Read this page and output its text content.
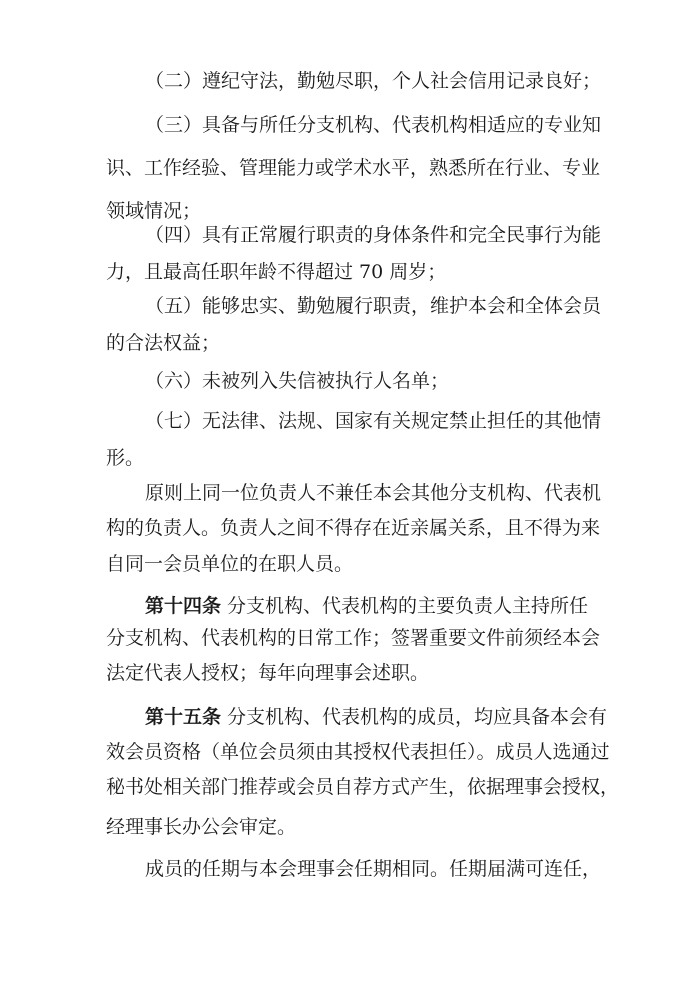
（二）遵纪守法，勤勉尽职，个人社会信用记录良好；
（三）具备与所任分支机构、代表机构相适应的专业知
识、工作经验、管理能力或学术水平，熟悉所在行业、专业
领域情况；
（四）具有正常履行职责的身体条件和完全民事行为能
力，且最高任职年龄不得超过 70 周岁；
（五）能够忠实、勤勉履行职责，维护本会和全体会员
的合法权益；
（六）未被列入失信被执行人名单；
（七）无法律、法规、国家有关规定禁止担任的其他情
形。
原则上同一位负责人不兼任本会其他分支机构、代表机
构的负责人。负责人之间不得存在近亲属关系，且不得为来
自同一会员单位的在职人员。
第十四条 分支机构、代表机构的主要负责人主持所任
分支机构、代表机构的日常工作；签署重要文件前须经本会
法定代表人授权；每年向理事会述职。
第十五条 分支机构、代表机构的成员，均应具备本会有
效会员资格（单位会员须由其授权代表担任）。成员人选通过
秘书处相关部门推荐或会员自荐方式产生，依据理事会授权，
经理事长办公会审定。
成员的任期与本会理事会任期相同。任期届满可连任，
